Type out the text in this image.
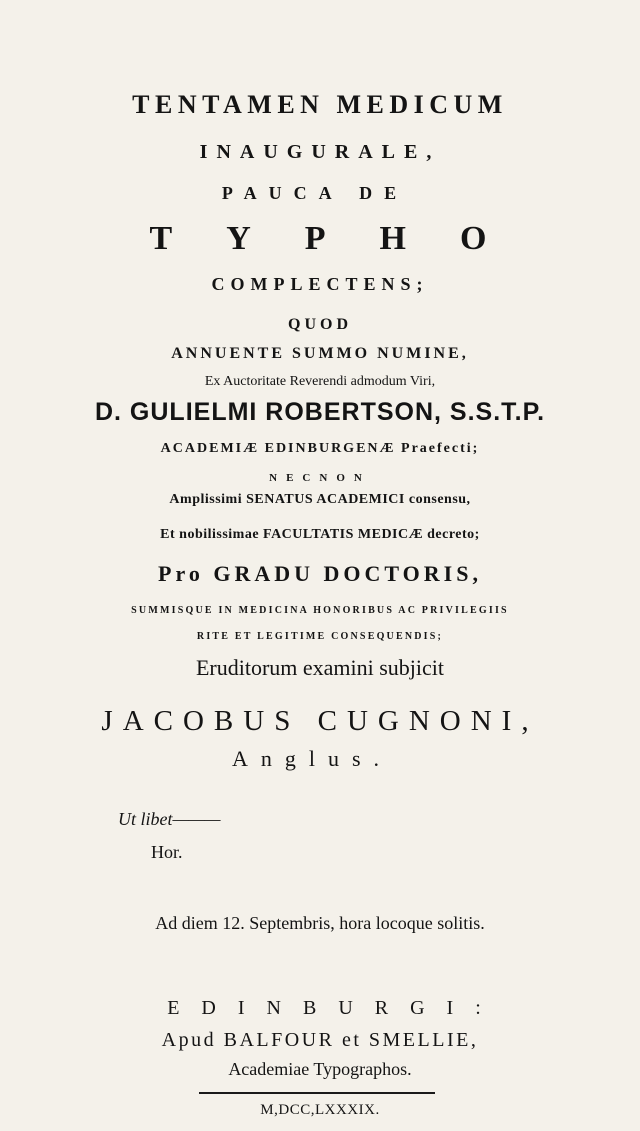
TENTAMEN MEDICUM
INAUGURALE,
PAUCA DE
TYPHO
COMPLECTENS;
QUOD
ANNUENTE SUMMO NUMINE,
Ex Auctoritate Reverendi admodum Viri,
D. GULIELMI ROBERTSON, S.S.T.P.
ACADEMIÆ EDINBURGENÆ Praefecti;
NECNON
Amplissimi SENATUS ACADEMICI consensu,
Et nobilissimae FACULTATIS MEDICÆ decreto;
Pro GRADU DOCTORIS,
SUMMISQUE IN MEDICINA HONORIBUS AC PRIVILEGIIS
RITE ET LEGITIME CONSEQUENDIS;
Eruditorum examini subjicit
JACOBUS CUGNONI,
Anglus.
Ut libet———
Hor.
Ad diem 12. Septembris, hora locoque solitis.
EDINBURGI:
Apud BALFOUR et SMELLIE,
Academiae Typographos.
M,DCC,LXXXIX.
